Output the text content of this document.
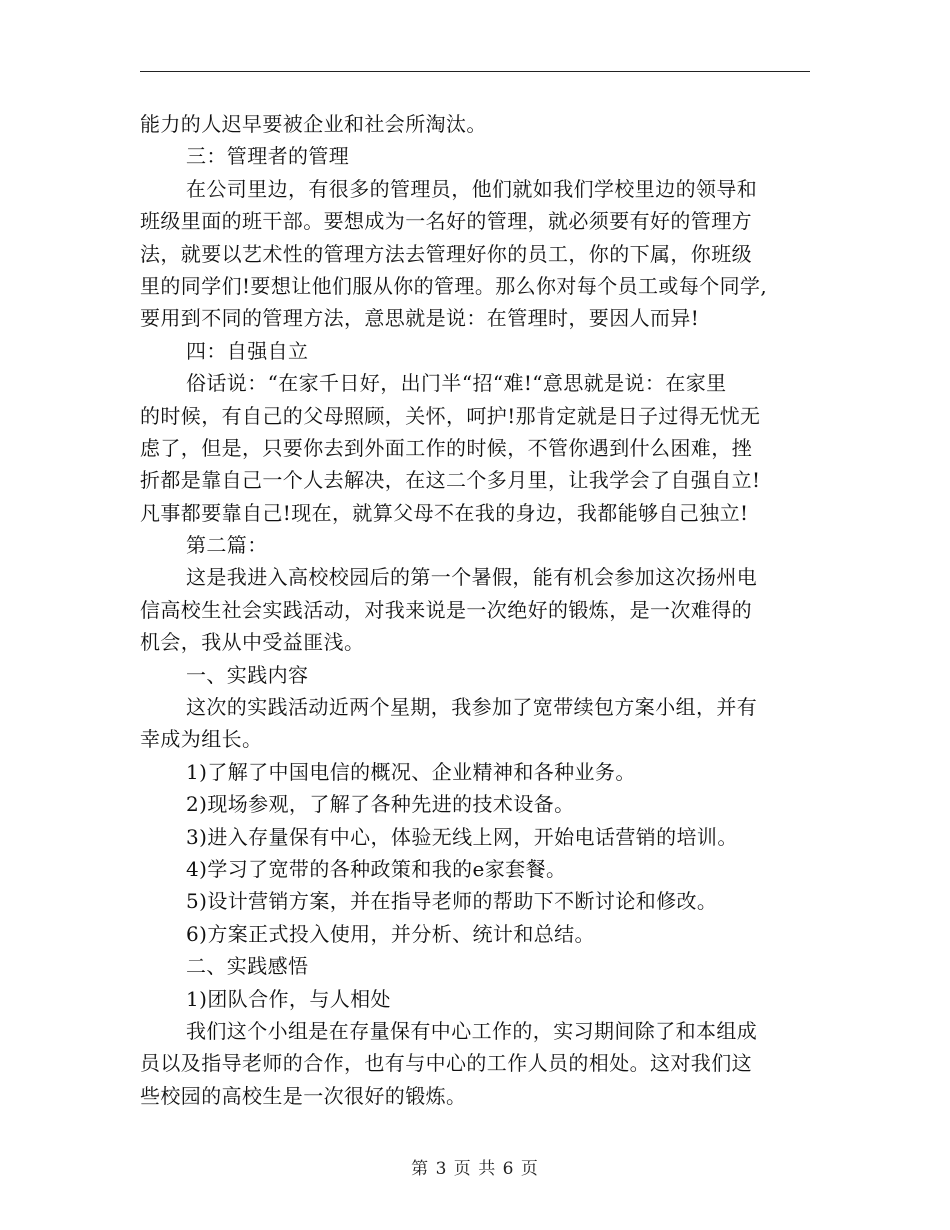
能力的人迟早要被企业和社会所淘汰。
三：管理者的管理
在公司里边，有很多的管理员，他们就如我们学校里边的领导和
班级里面的班干部。要想成为一名好的管理，就必须要有好的管理方
法，就要以艺术性的管理方法去管理好你的员工，你的下属，你班级
里的同学们!要想让他们服从你的管理。那么你对每个员工或每个同学,
要用到不同的管理方法，意思就是说：在管理时，要因人而异!
四：自强自立
俗话说：“在家千日好，出门半“招“难!“意思就是说：在家里
的时候，有自己的父母照顾，关怀，呵护!那肯定就是日子过得无忧无
虑了，但是，只要你去到外面工作的时候，不管你遇到什么困难，挫
折都是靠自己一个人去解决，在这二个多月里，让我学会了自强自立!
凡事都要靠自己!现在，就算父母不在我的身边，我都能够自己独立!
第二篇：
这是我进入高校校园后的第一个暑假，能有机会参加这次扬州电
信高校生社会实践活动，对我来说是一次绝好的锻炼，是一次难得的
机会，我从中受益匪浅。
一、实践内容
这次的实践活动近两个星期，我参加了宽带续包方案小组，并有
幸成为组长。
1)了解了中国电信的概况、企业精神和各种业务。
2)现场参观，了解了各种先进的技术设备。
3)进入存量保有中心，体验无线上网，开始电话营销的培训。
4)学习了宽带的各种政策和我的e家套餐。
5)设计营销方案，并在指导老师的帮助下不断讨论和修改。
6)方案正式投入使用，并分析、统计和总结。
二、实践感悟
1)团队合作，与人相处
我们这个小组是在存量保有中心工作的，实习期间除了和本组成
员以及指导老师的合作，也有与中心的工作人员的相处。这对我们这
些校园的高校生是一次很好的锻炼。
第 3 页 共 6 页
